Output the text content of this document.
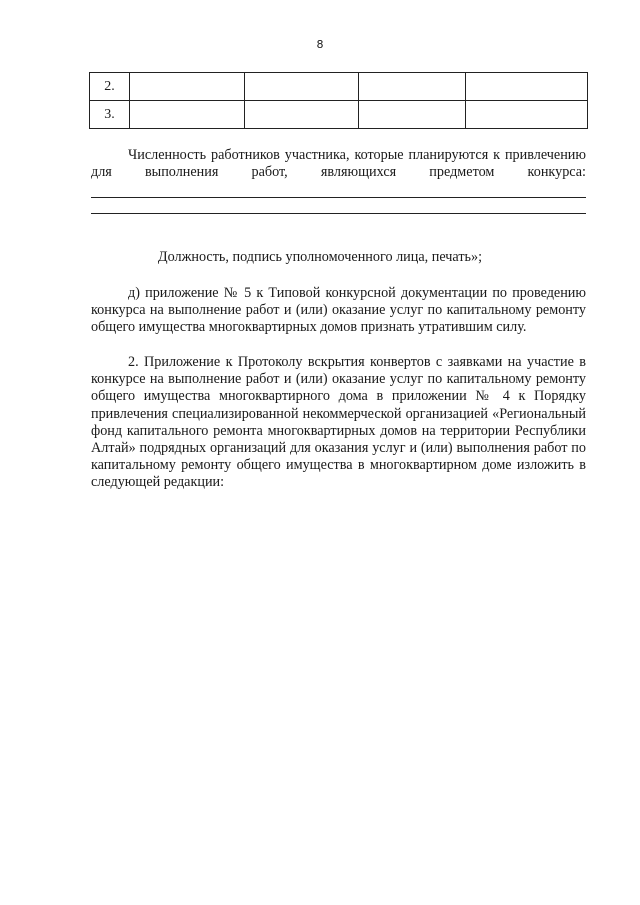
8
2.				
3.				
Численность работников участника, которые планируются к привлечению для выполнения работ, являющихся предметом конкурса:
Должность, подпись уполномоченного лица, печать»;
д) приложение № 5 к Типовой конкурсной документации по проведению конкурса на выполнение работ и (или) оказание услуг по капитальному ремонту общего имущества многоквартирных домов признать утратившим силу.
2. Приложение к Протоколу вскрытия конвертов с заявками на участие в конкурсе на выполнение работ и (или) оказание услуг по капитальному ремонту общего имущества многоквартирного дома в приложении № 4 к Порядку привлечения специализированной некоммерческой организацией «Региональный фонд капитального ремонта многоквартирных домов на территории Республики Алтай» подрядных организаций для оказания услуг и (или) выполнения работ по капитальному ремонту общего имущества в многоквартирном доме изложить в следующей редакции:
